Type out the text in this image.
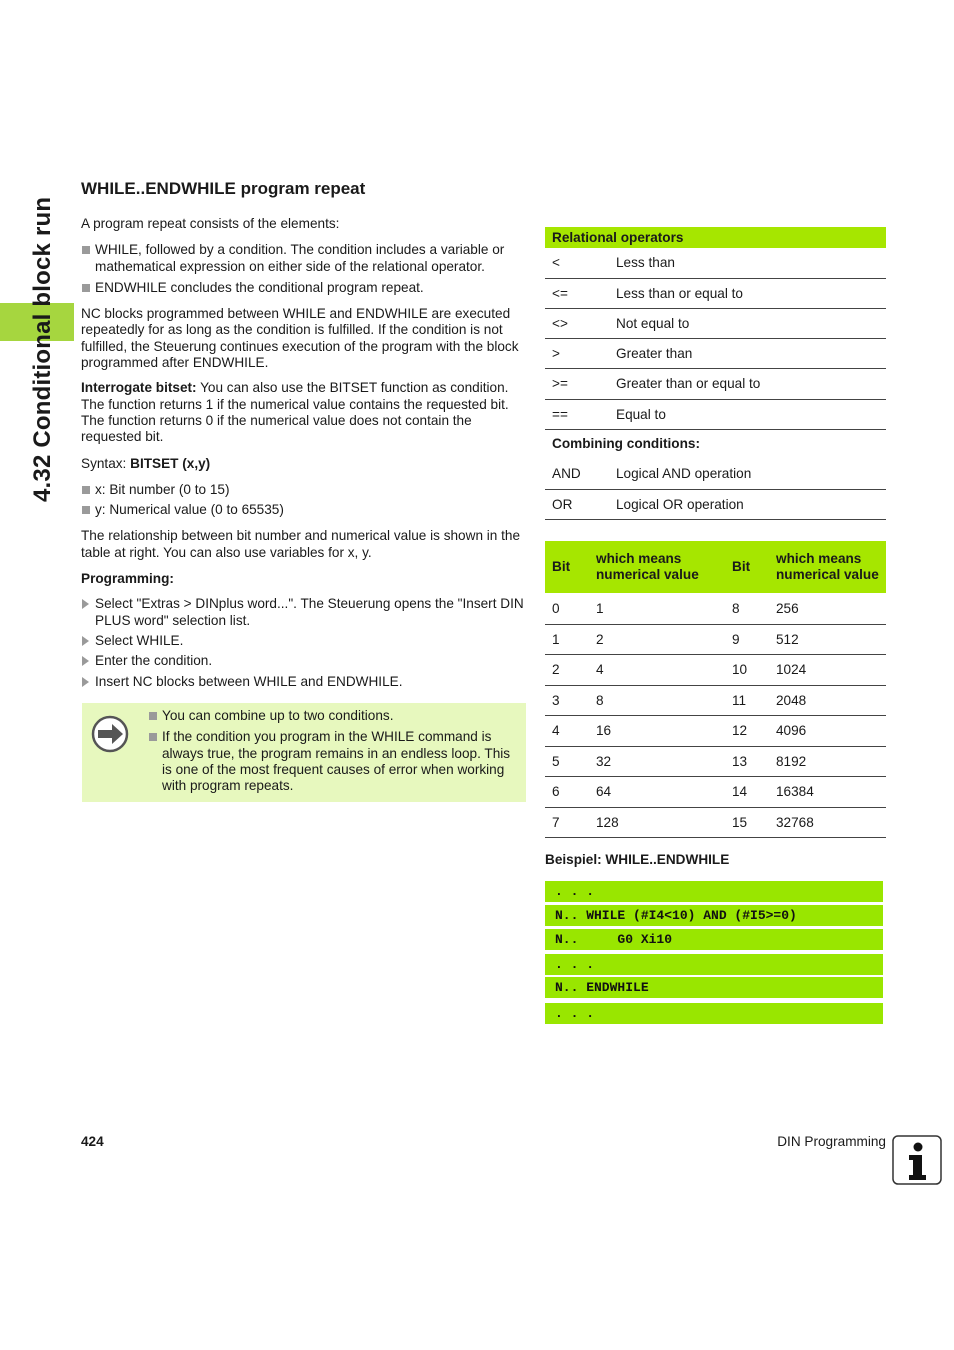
4.32 Conditional block run
WHILE..ENDWHILE program repeat

A program repeat consists of the elements:

WHILE, followed by a condition. The condition includes a variable or mathematical expression on either side of the relational operator.
ENDWHILE concludes the conditional program repeat.

NC blocks programmed between WHILE and ENDWHILE are executed repeatedly for as long as the condition is fulfilled. If the condition is not fulfilled, the Steuerung continues execution of the program with the block programmed after ENDWHILE.

Interrogate bitset: You can also use the BITSET function as condition. The function returns 1 if the numerical value contains the requested bit. The function returns 0 if the numerical value does not contain the requested bit.

Syntax: BITSET (x,y)

x: Bit number (0 to 15)
y: Numerical value (0 to 65535)

The relationship between bit number and numerical value is shown in the table at right. You can also use variables for x, y.

Programming:

Select "Extras > DINplus word...". The Steuerung opens the "Insert DIN PLUS word" selection list.
Select WHILE.
Enter the condition.
Insert NC blocks between WHILE and ENDWHILE.
You can combine up to two conditions.
If the condition you program in the WHILE command is always true, the program remains in an endless loop. This is one of the most frequent causes of error when working with program repeats.
Relational operators	
<	Less than
<=	Less than or equal to
<>	Not equal to
>	Greater than
>=	Greater than or equal to
==	Equal to
Combining conditions:	
AND	Logical AND operation
OR	Logical OR operation
Bit	which means numerical value	Bit	which means numerical value
0	1	8	256
1	2	9	512
2	4	10	1024
3	8	11	2048
4	16	12	4096
5	32	13	8192
6	64	14	16384
7	128	15	32768
Beispiel: WHILE..ENDWHILE
. . .
N.. WHILE (#I4<10) AND (#I5>=0)
N..     G0 Xi10
. . .
N.. ENDWHILE
. . .
424	DIN Programming
